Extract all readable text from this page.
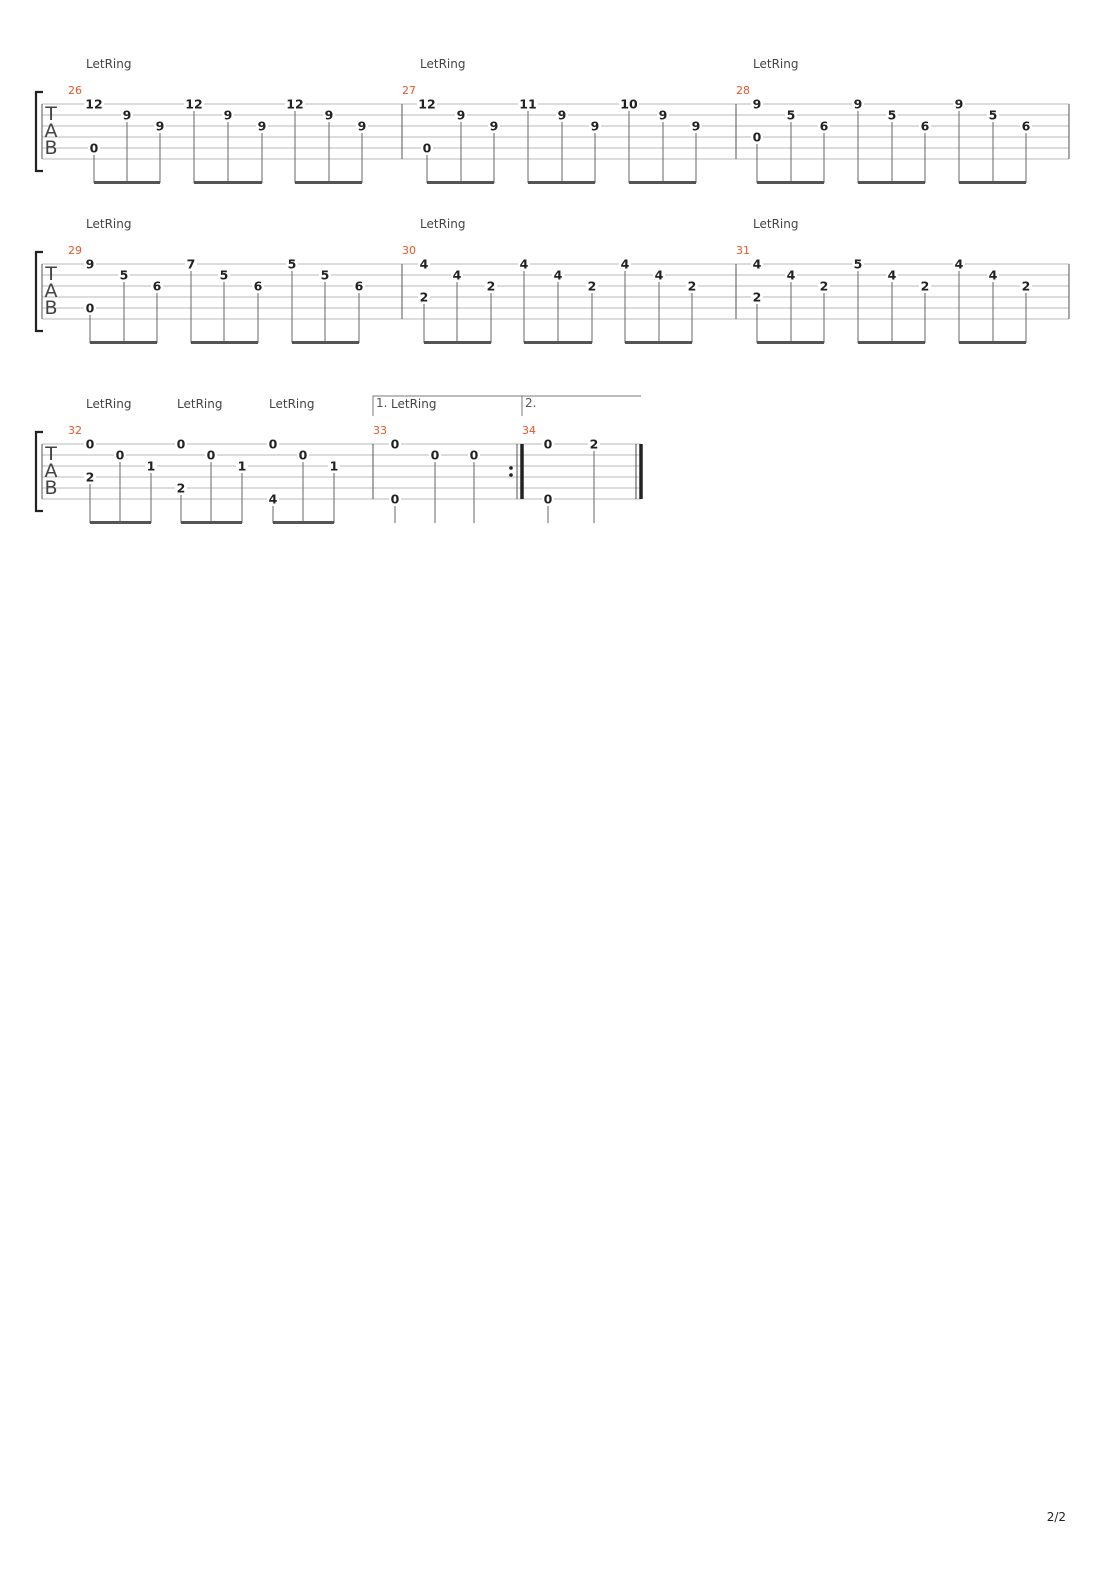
T
A
B
26
LetRing
12
0
9
9
12
9
9
12
9
9
27
LetRing
12
0
9
9
11
9
9
10
9
9
28
LetRing
9
0
5
6
9
5
6
9
5
6
T
A
B
29
LetRing
9
0
5
6
7
5
6
5
5
6
30
LetRing
4
2
4
2
4
4
2
4
4
2
31
LetRing
4
2
4
2
5
4
2
4
4
2
T
A
B
32
LetRing	LetRing	LetRing
0
2
0
1
0
2
0
1
0
4
0
1
33
LetRing
1.
0
0
0 0
34
2.
0
0
2
2/2
